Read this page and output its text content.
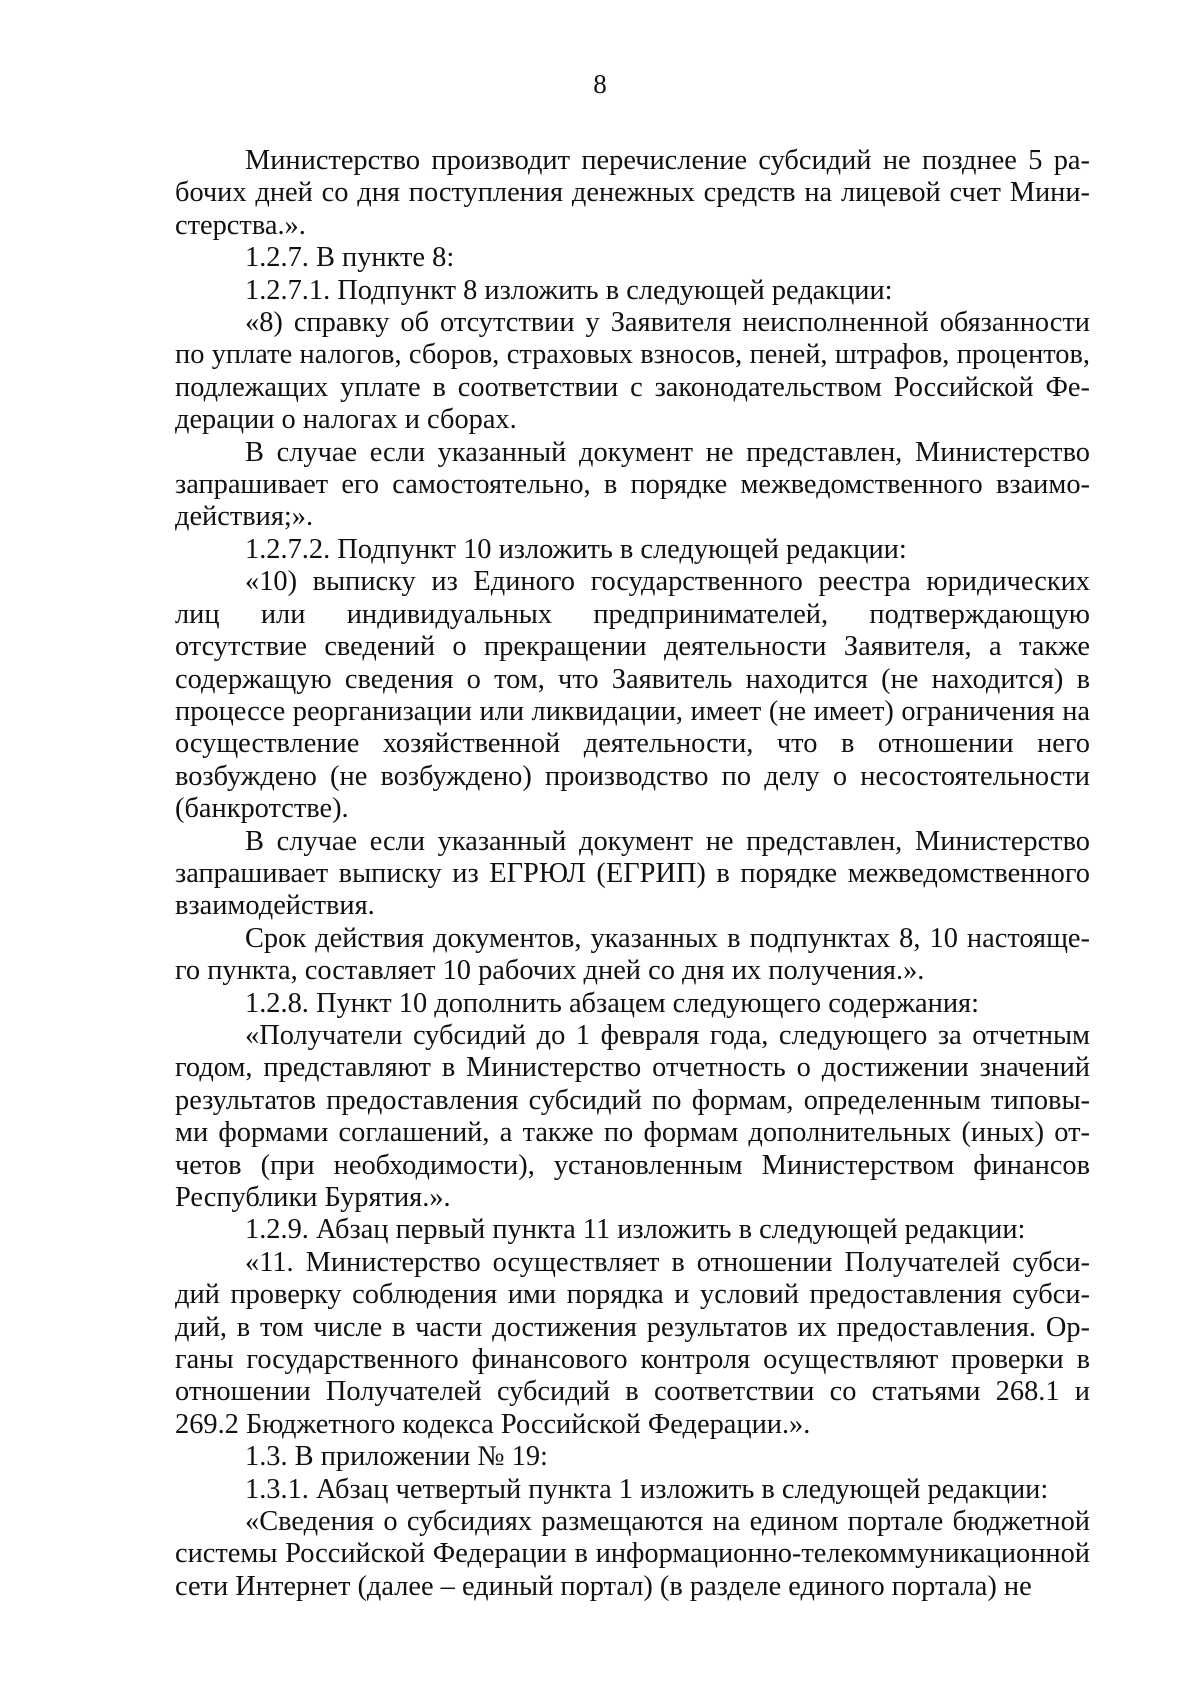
8

Министерство производит перечисление субсидий не позднее 5 рабочих дней со дня поступления денежных средств на лицевой счет Министерства.».

1.2.7. В пункте 8:

1.2.7.1. Подпункт 8 изложить в следующей редакции:

«8) справку об отсутствии у Заявителя неисполненной обязанности по уплате налогов, сборов, страховых взносов, пеней, штрафов, процентов, подлежащих уплате в соответствии с законодательством Российской Федерации о налогах и сборах.

В случае если указанный документ не представлен, Министерство запрашивает его самостоятельно, в порядке межведомственного взаимодействия;».

1.2.7.2. Подпункт 10 изложить в следующей редакции:

«10) выписку из Единого государственного реестра юридических лиц или индивидуальных предпринимателей, подтверждающую отсутствие сведений о прекращении деятельности Заявителя, а также содержащую сведения о том, что Заявитель находится (не находится) в процессе реорганизации или ликвидации, имеет (не имеет) ограничения на осуществление хозяйственной деятельности, что в отношении него возбуждено (не возбуждено) производство по делу о несостоятельности (банкротстве).

В случае если указанный документ не представлен, Министерство запрашивает выписку из ЕГРЮЛ (ЕГРИП) в порядке межведомственного взаимодействия.

Срок действия документов, указанных в подпунктах 8, 10 настоящего пункта, составляет 10 рабочих дней со дня их получения.».

1.2.8. Пункт 10 дополнить абзацем следующего содержания:

«Получатели субсидий до 1 февраля года, следующего за отчетным годом, представляют в Министерство отчетность о достижении значений результатов предоставления субсидий по формам, определенным типовыми формами соглашений, а также по формам дополнительных (иных) отчетов (при необходимости), установленным Министерством финансов Республики Бурятия.».

1.2.9. Абзац первый пункта 11 изложить в следующей редакции:

«11. Министерство осуществляет в отношении Получателей субсидий проверку соблюдения ими порядка и условий предоставления субсидий, в том числе в части достижения результатов их предоставления. Органы государственного финансового контроля осуществляют проверки в отношении Получателей субсидий в соответствии со статьями 268.1 и 269.2 Бюджетного кодекса Российской Федерации.».

1.3. В приложении № 19:

1.3.1. Абзац четвертый пункта 1 изложить в следующей редакции:

«Сведения о субсидиях размещаются на едином портале бюджетной системы Российской Федерации в информационно-телекоммуникационной сети Интернет (далее – единый портал) (в разделе единого портала) не
